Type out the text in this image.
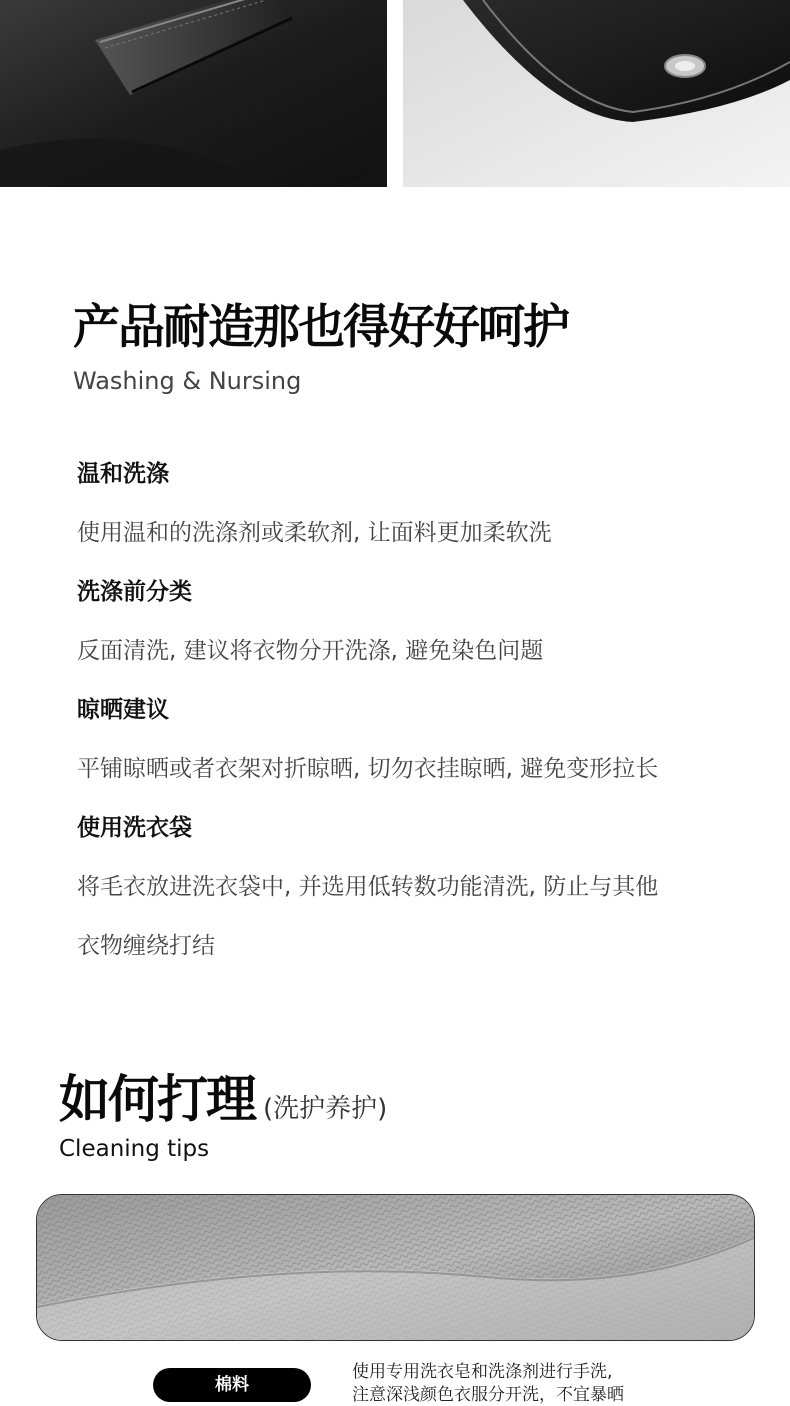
产品耐造那也得好好呵护
Washing & Nursing
温和洗涤
使用温和的洗涤剂或柔软剂, 让面料更加柔软洗
洗涤前分类
反面清洗, 建议将衣物分开洗涤, 避免染色问题
晾晒建议
平铺晾晒或者衣架对折晾晒, 切勿衣挂晾晒, 避免变形拉长
使用洗衣袋
将毛衣放进洗衣袋中, 并选用低转数功能清洗, 防止与其他
衣物缠绕打结
如何打理 (洗护养护)
Cleaning tips
棉料
使用专用洗衣皂和洗涤剂进行手洗,
注意深浅颜色衣服分开洗，不宜暴晒
